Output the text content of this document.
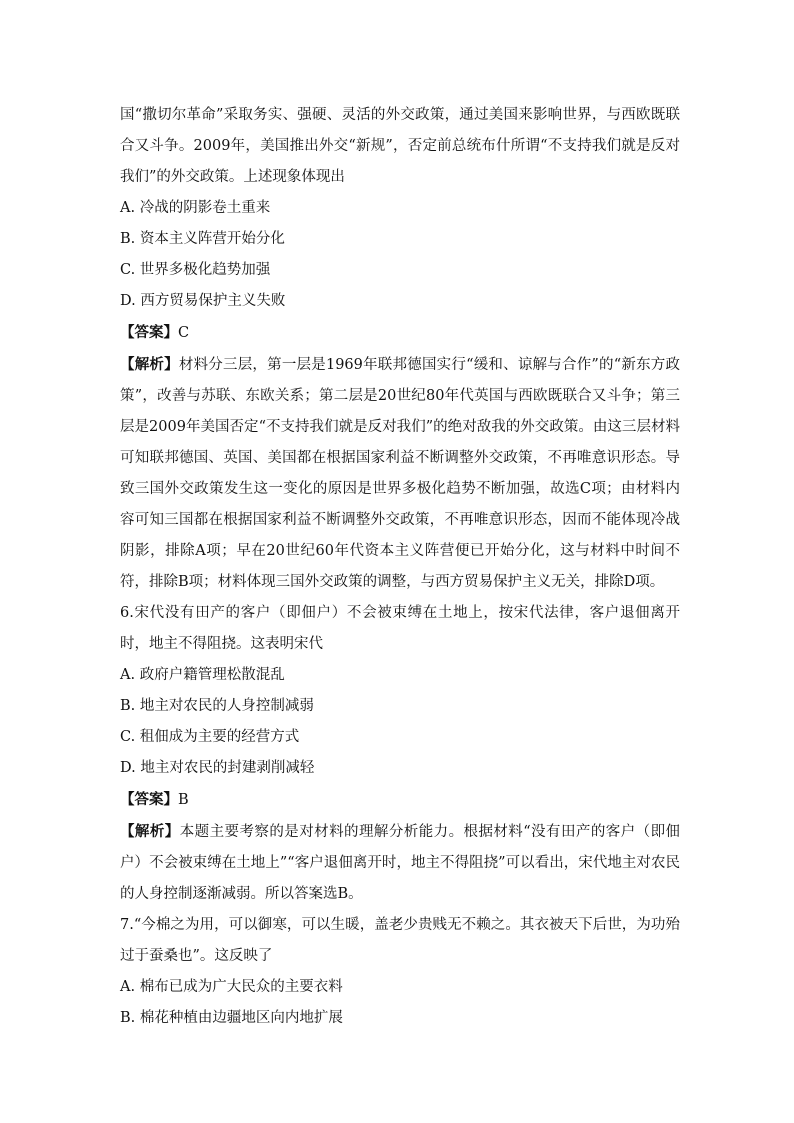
国“撒切尔革命”采取务实、强硬、灵活的外交政策，通过美国来影响世界，与西欧既联合又斗争。2009年，美国推出外交“新规”，否定前总统布什所谓“不支持我们就是反对我们”的外交政策。上述现象体现出

A. 冷战的阴影卷土重来

B. 资本主义阵营开始分化

C. 世界多极化趋势加强

D. 西方贸易保护主义失败

【答案】C

【解析】材料分三层，第一层是1969年联邦德国实行“缓和、谅解与合作”的“新东方政策”，改善与苏联、东欧关系；第二层是20世纪80年代英国与西欧既联合又斗争；第三层是2009年美国否定“不支持我们就是反对我们”的绝对敌我的外交政策。由这三层材料可知联邦德国、英国、美国都在根据国家利益不断调整外交政策，不再唯意识形态。导致三国外交政策发生这一变化的原因是世界多极化趋势不断加强，故选C项；由材料内容可知三国都在根据国家利益不断调整外交政策，不再唯意识形态，因而不能体现冷战阴影，排除A项；早在20世纪60年代资本主义阵营便已开始分化，这与材料中时间不符，排除B项；材料体现三国外交政策的调整，与西方贸易保护主义无关，排除D项。

6.宋代没有田产的客户（即佃户）不会被束缚在土地上，按宋代法律，客户退佃离开时，地主不得阻挠。这表明宋代

A. 政府户籍管理松散混乱

B. 地主对农民的人身控制减弱

C. 租佃成为主要的经营方式

D. 地主对农民的封建剥削减轻

【答案】B

【解析】本题主要考察的是对材料的理解分析能力。根据材料“没有田产的客户（即佃户）不会被束缚在土地上”“客户退佃离开时，地主不得阻挠”可以看出，宋代地主对农民的人身控制逐渐减弱。所以答案选B。

7.“今棉之为用，可以御寒，可以生暖，盖老少贵贱无不赖之。其衣被天下后世，为功殆过于蚕桑也”。这反映了

A. 棉布已成为广大民众的主要衣料

B. 棉花种植由边疆地区向内地扩展
